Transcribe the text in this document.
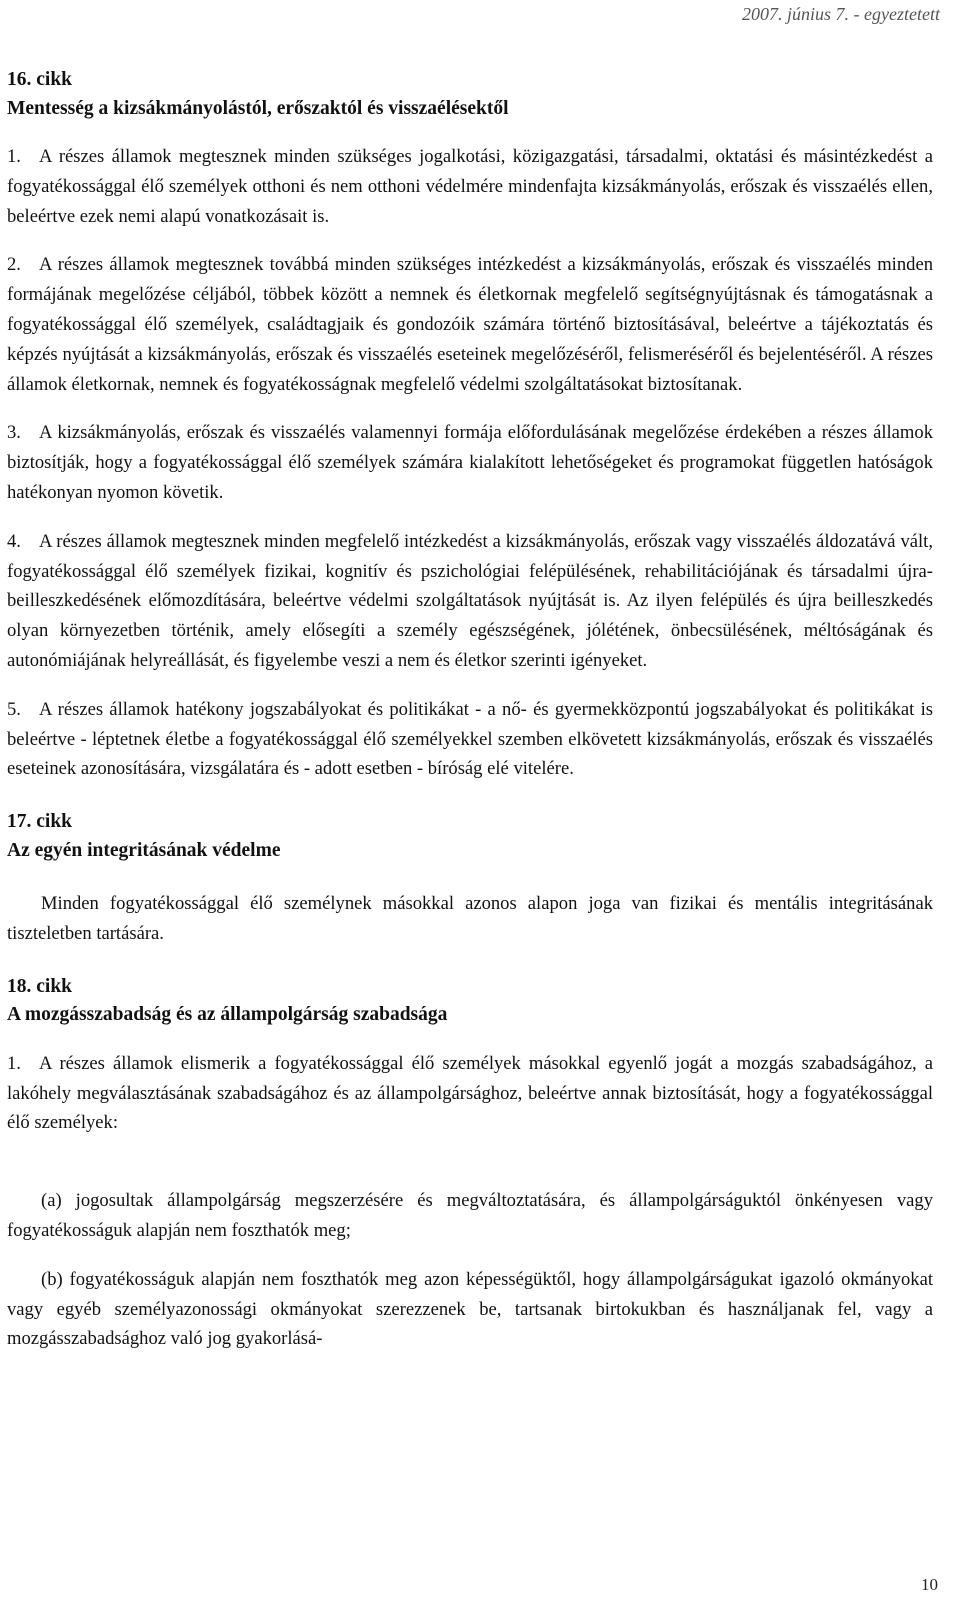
2007. június 7. - egyeztetett
16. cikk
Mentesség a kizsákmányolástól, erőszaktól és visszaélésektől

1. A részes államok megtesznek minden szükséges jogalkotási, közigazgatási, társadalmi, oktatási és másintézkedést a fogyatékossággal élő személyek otthoni és nem otthoni védelmére mindenfajta kizsákmányolás, erőszak és visszaélés ellen, beleértve ezek nemi alapú vonatkozásait is.

2. A részes államok megtesznek továbbá minden szükséges intézkedést a kizsákmányolás, erőszak és visszaélés minden formájának megelőzése céljából, többek között a nemnek és életkornak megfelelő segítségnyújtásnak és támogatásnak a fogyatékossággal élő személyek, családtagjaik és gondozóik számára történő biztosításával, beleértve a tájékoztatás és képzés nyújtását a kizsákmányolás, erőszak és visszaélés eseteinek megelőzéséről, felismeréséről és bejelentéséről. A részes államok életkornak, nemnek és fogyatékosságnak megfelelő védelmi szolgáltatásokat biztosítanak.

3. A kizsákmányolás, erőszak és visszaélés valamennyi formája előfordulásának megelőzése érdekében a részes államok biztosítják, hogy a fogyatékossággal élő személyek számára kialakított lehetőségeket és programokat független hatóságok hatékonyan nyomon követik.

4. A részes államok megtesznek minden megfelelő intézkedést a kizsákmányolás, erőszak vagy visszaélés áldozatává vált, fogyatékossággal élő személyek fizikai, kognitív és pszichológiai felépülésének, rehabilitációjának és társadalmi újra-beilleszkedésének előmozdítására, beleértve védelmi szolgáltatások nyújtását is. Az ilyen felépülés és újra beilleszkedés olyan környezetben történik, amely elősegíti a személy egészségének, jólétének, önbecsülésének, méltóságának és autonómiájának helyreállását, és figyelembe veszi a nem és életkor szerinti igényeket.

5. A részes államok hatékony jogszabályokat és politikákat - a nő- és gyermekközpontú jogszabályokat és politikákat is beleértve - léptetnek életbe a fogyatékossággal élő személyekkel szemben elkövetett kizsákmányolás, erőszak és visszaélés eseteinek azonosítására, vizsgálatára és - adott esetben - bíróság elé vitelére.

17. cikk
Az egyén integritásának védelme

Minden fogyatékossággal élő személynek másokkal azonos alapon joga van fizikai és mentális integritásának tiszteletben tartására.

18. cikk
A mozgásszabadság és az állampolgárság szabadsága

1. A részes államok elismerik a fogyatékossággal élő személyek másokkal egyenlő jogát a mozgás szabadságához, a lakóhely megválasztásának szabadságához és az állampolgársághoz, beleértve annak biztosítását, hogy a fogyatékossággal élő személyek:

(a) jogosultak állampolgárság megszerzésére és megváltoztatására, és állampolgárságuktól önkényesen vagy fogyatékosságuk alapján nem foszthatók meg;

(b) fogyatékosságuk alapján nem foszthatók meg azon képességüktől, hogy állampolgárságukat igazoló okmányokat vagy egyéb személyazonossági okmányokat szerezzenek be, tartsanak birtokukban és használjanak fel, vagy a mozgásszabadsághoz való jog gyakorlásá-

10
